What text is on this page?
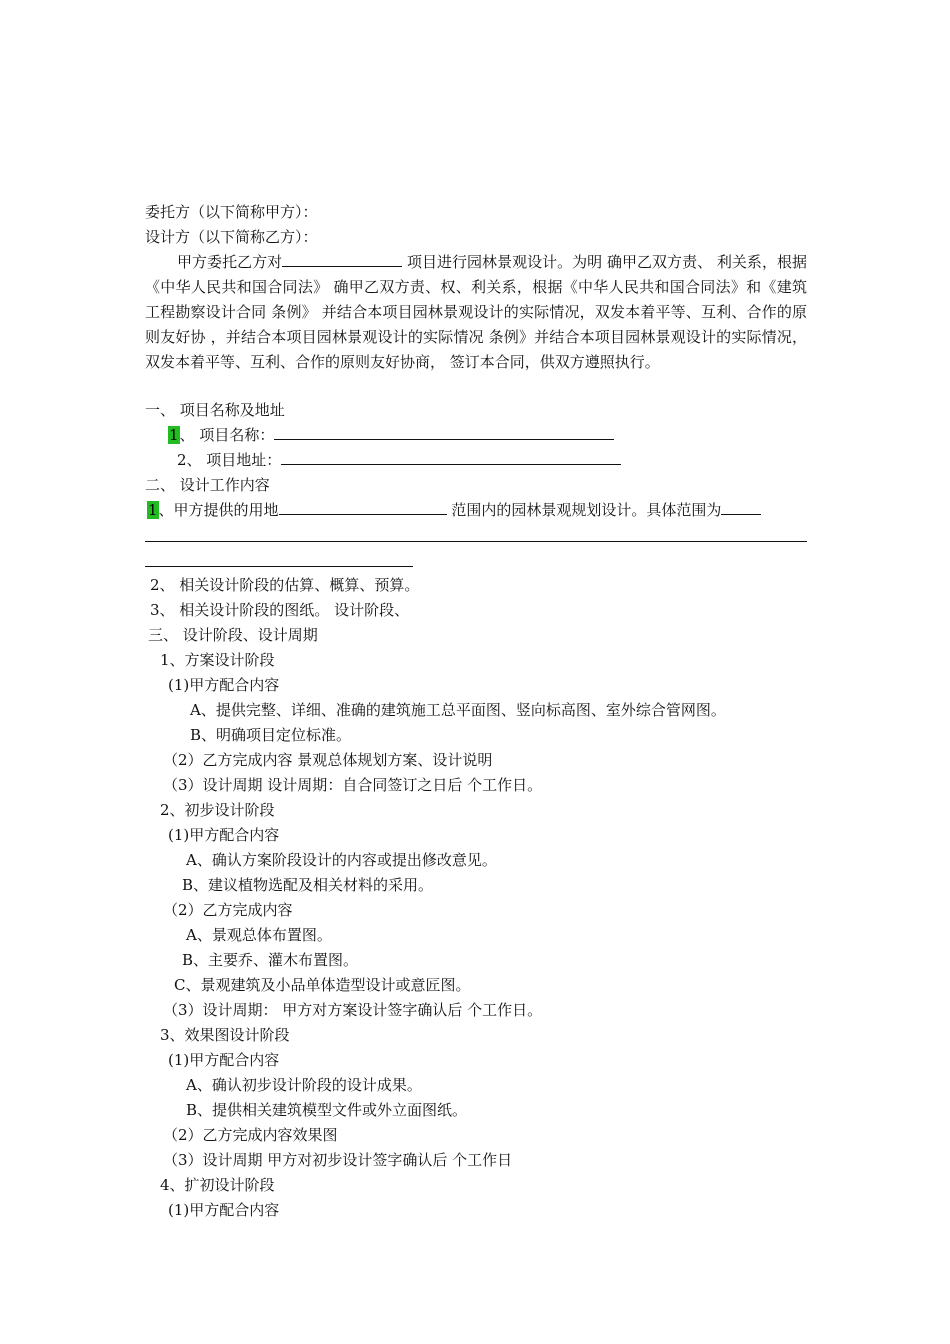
委托方（以下简称甲方）：
设计方（以下简称乙方）：
甲方委托乙方对	项目进行园林景观设计。为明 确甲乙双方责、 利关系，根据《中华人民共和国合同法》 确甲乙双方责、权、利关系，根据《中华人民共和国合同法》和《建筑工程勘察设计合同 条例》 并结合本项目园林景观设计的实际情况，双发本着平等、互利、合作的原则友好协 ，并结合本项目园林景观设计的实际情况 条例》并结合本项目园林景观设计的实际情况，双发本着平等、互利、合作的原则友好协商， 签订本合同，供双方遵照执行。
一、 项目名称及地址
1、 项目名称：
2、 项目地址：
二、 设计工作内容
1、甲方提供的用地	范围内的园林景观规划设计。具体范围为
2、 相关设计阶段的估算、概算、预算。
3、 相关设计阶段的图纸。 设计阶段、
三、 设计阶段、设计周期
1、方案设计阶段
(1)甲方配合内容
A、提供完整、详细、准确的建筑施工总平面图、竖向标高图、室外综合管网图。
B、明确项目定位标准。
（2）乙方完成内容 景观总体规划方案、设计说明
（3）设计周期 设计周期：自合同签订之日后 个工作日。
2、初步设计阶段
(1)甲方配合内容
A、确认方案阶段设计的内容或提出修改意见。
B、建议植物选配及相关材料的采用。
（2）乙方完成内容
A、景观总体布置图。
B、主要乔、灌木布置图。
C、景观建筑及小品单体造型设计或意匠图。
（3）设计周期： 甲方对方案设计签字确认后 个工作日。
3、效果图设计阶段
(1)甲方配合内容
A、确认初步设计阶段的设计成果。
B、提供相关建筑模型文件或外立面图纸。
（2）乙方完成内容效果图
（3）设计周期 甲方对初步设计签字确认后 个工作日
4、扩初设计阶段
(1)甲方配合内容
